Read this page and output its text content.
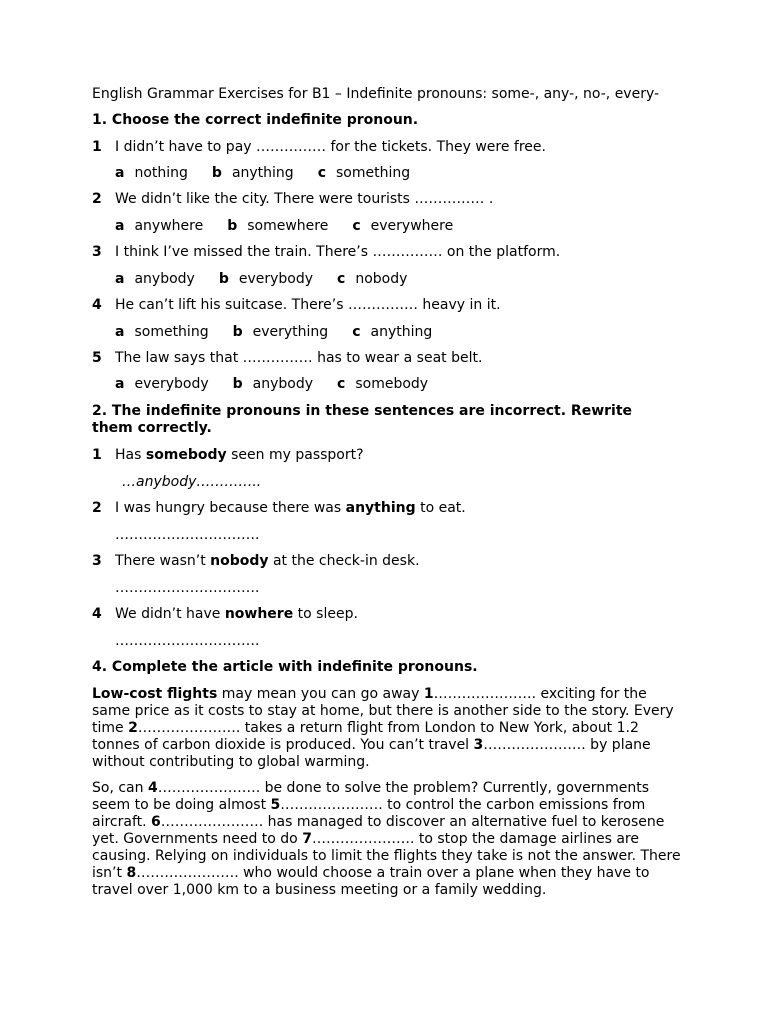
English Grammar Exercises for B1 – Indefinite pronouns: some-, any-, no-, every-
1. Choose the correct indefinite pronoun.
1 I didn’t have to pay …………… for the tickets. They were free.
a nothing b anything c something
2 We didn’t like the city. There were tourists …………… .
a anywhere b somewhere c everywhere
3 I think I’ve missed the train. There’s …………… on the platform.
a anybody b everybody c nobody
4 He can’t lift his suitcase. There’s …………… heavy in it.
a something b everything c anything
5 The law says that …………… has to wear a seat belt.
a everybody b anybody c somebody
2. The indefinite pronouns in these sentences are incorrect. Rewrite them correctly.
1 Has somebody seen my passport?
…anybody…………..
2 I was hungry because there was anything to eat.
………………………….
3 There wasn’t nobody at the check-in desk.
………………………….
4 We didn’t have nowhere to sleep.
………………………….
4. Complete the article with indefinite pronouns.
Low-cost flights may mean you can go away 1…………………. exciting for the same price as it costs to stay at home, but there is another side to the story. Every time 2…………………. takes a return flight from London to New York, about 1.2 tonnes of carbon dioxide is produced. You can’t travel 3…………………. by plane without contributing to global warming.
So, can 4…………………. be done to solve the problem? Currently, governments seem to be doing almost 5…………………. to control the carbon emissions from aircraft. 6…………………. has managed to discover an alternative fuel to kerosene yet. Governments need to do 7…………………. to stop the damage airlines are causing. Relying on individuals to limit the flights they take is not the answer. There isn’t 8…………………. who would choose a train over a plane when they have to travel over 1,000 km to a business meeting or a family wedding.
